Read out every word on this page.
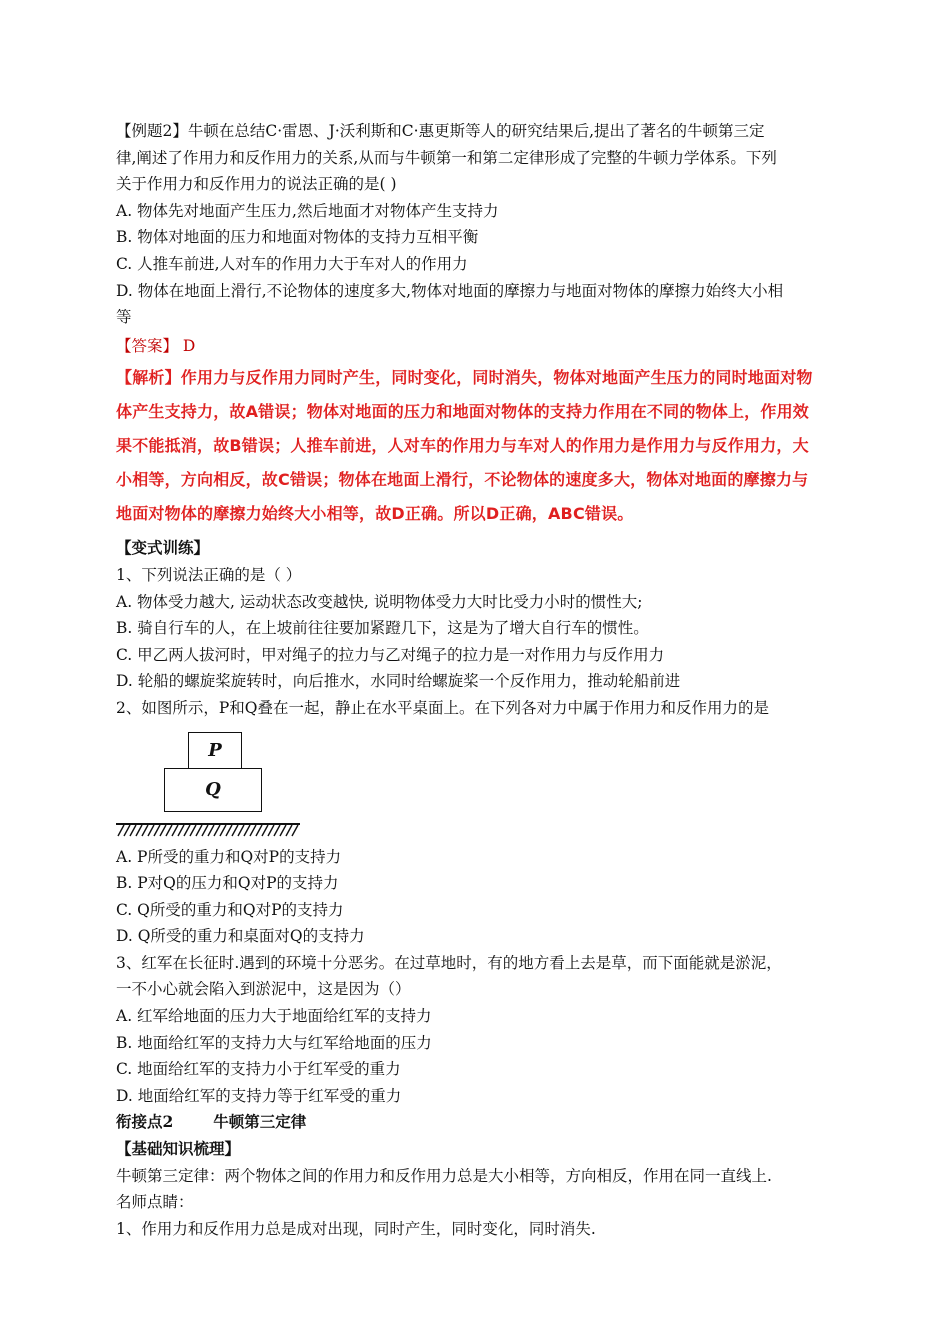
【例题2】牛顿在总结C·雷恩、J·沃利斯和C·惠更斯等人的研究结果后,提出了著名的牛顿第三定
律,阐述了作用力和反作用力的关系,从而与牛顿第一和第二定律形成了完整的牛顿力学体系。下列
关于作用力和反作用力的说法正确的是( )
A. 物体先对地面产生压力,然后地面才对物体产生支持力
B. 物体对地面的压力和地面对物体的支持力互相平衡
C. 人推车前进,人对车的作用力大于车对人的作用力
D. 物体在地面上滑行,不论物体的速度多大,物体对地面的摩擦力与地面对物体的摩擦力始终大小相
等
【答案】 D
【解析】作用力与反作用力同时产生，同时变化，同时消失，物体对地面产生压力的同时地面对物
体产生支持力，故A错误；物体对地面的压力和地面对物体的支持力作用在不同的物体上，作用效
果不能抵消，故B错误；人推车前进，人对车的作用力与车对人的作用力是作用力与反作用力，大
小相等，方向相反，故C错误；物体在地面上滑行，不论物体的速度多大，物体对地面的摩擦力与
地面对物体的摩擦力始终大小相等，故D正确。所以D正确，ABC错误。
【变式训练】
1、下列说法正确的是（ ）
A. 物体受力越大, 运动状态改变越快, 说明物体受力大时比受力小时的惯性大;
B. 骑自行车的人，在上坡前往往要加紧蹬几下，这是为了增大自行车的惯性。
C. 甲乙两人拔河时，甲对绳子的拉力与乙对绳子的拉力是一对作用力与反作用力
D. 轮船的螺旋桨旋转时，向后推水，水同时给螺旋桨一个反作用力，推动轮船前进
2、如图所示，P和Q叠在一起，静止在水平桌面上。在下列各对力中属于作用力和反作用力的是
P
Q
A. P所受的重力和Q对P的支持力
B. P对Q的压力和Q对P的支持力
C. Q所受的重力和Q对P的支持力
D. Q所受的重力和桌面对Q的支持力
3、红军在长征时.遇到的环境十分恶劣。在过草地时，有的地方看上去是草，而下面能就是淤泥，
一不小心就会陷入到淤泥中，这是因为（）
A. 红军给地面的压力大于地面给红军的支持力
B. 地面给红军的支持力大与红军给地面的压力
C. 地面给红军的支持力小于红军受的重力
D. 地面给红军的支持力等于红军受的重力
衔接点2	牛顿第三定律
【基础知识梳理】
牛顿第三定律：两个物体之间的作用力和反作用力总是大小相等，方向相反，作用在同一直线上.
名师点睛：
1、作用力和反作用力总是成对出现，同时产生，同时变化，同时消失.
